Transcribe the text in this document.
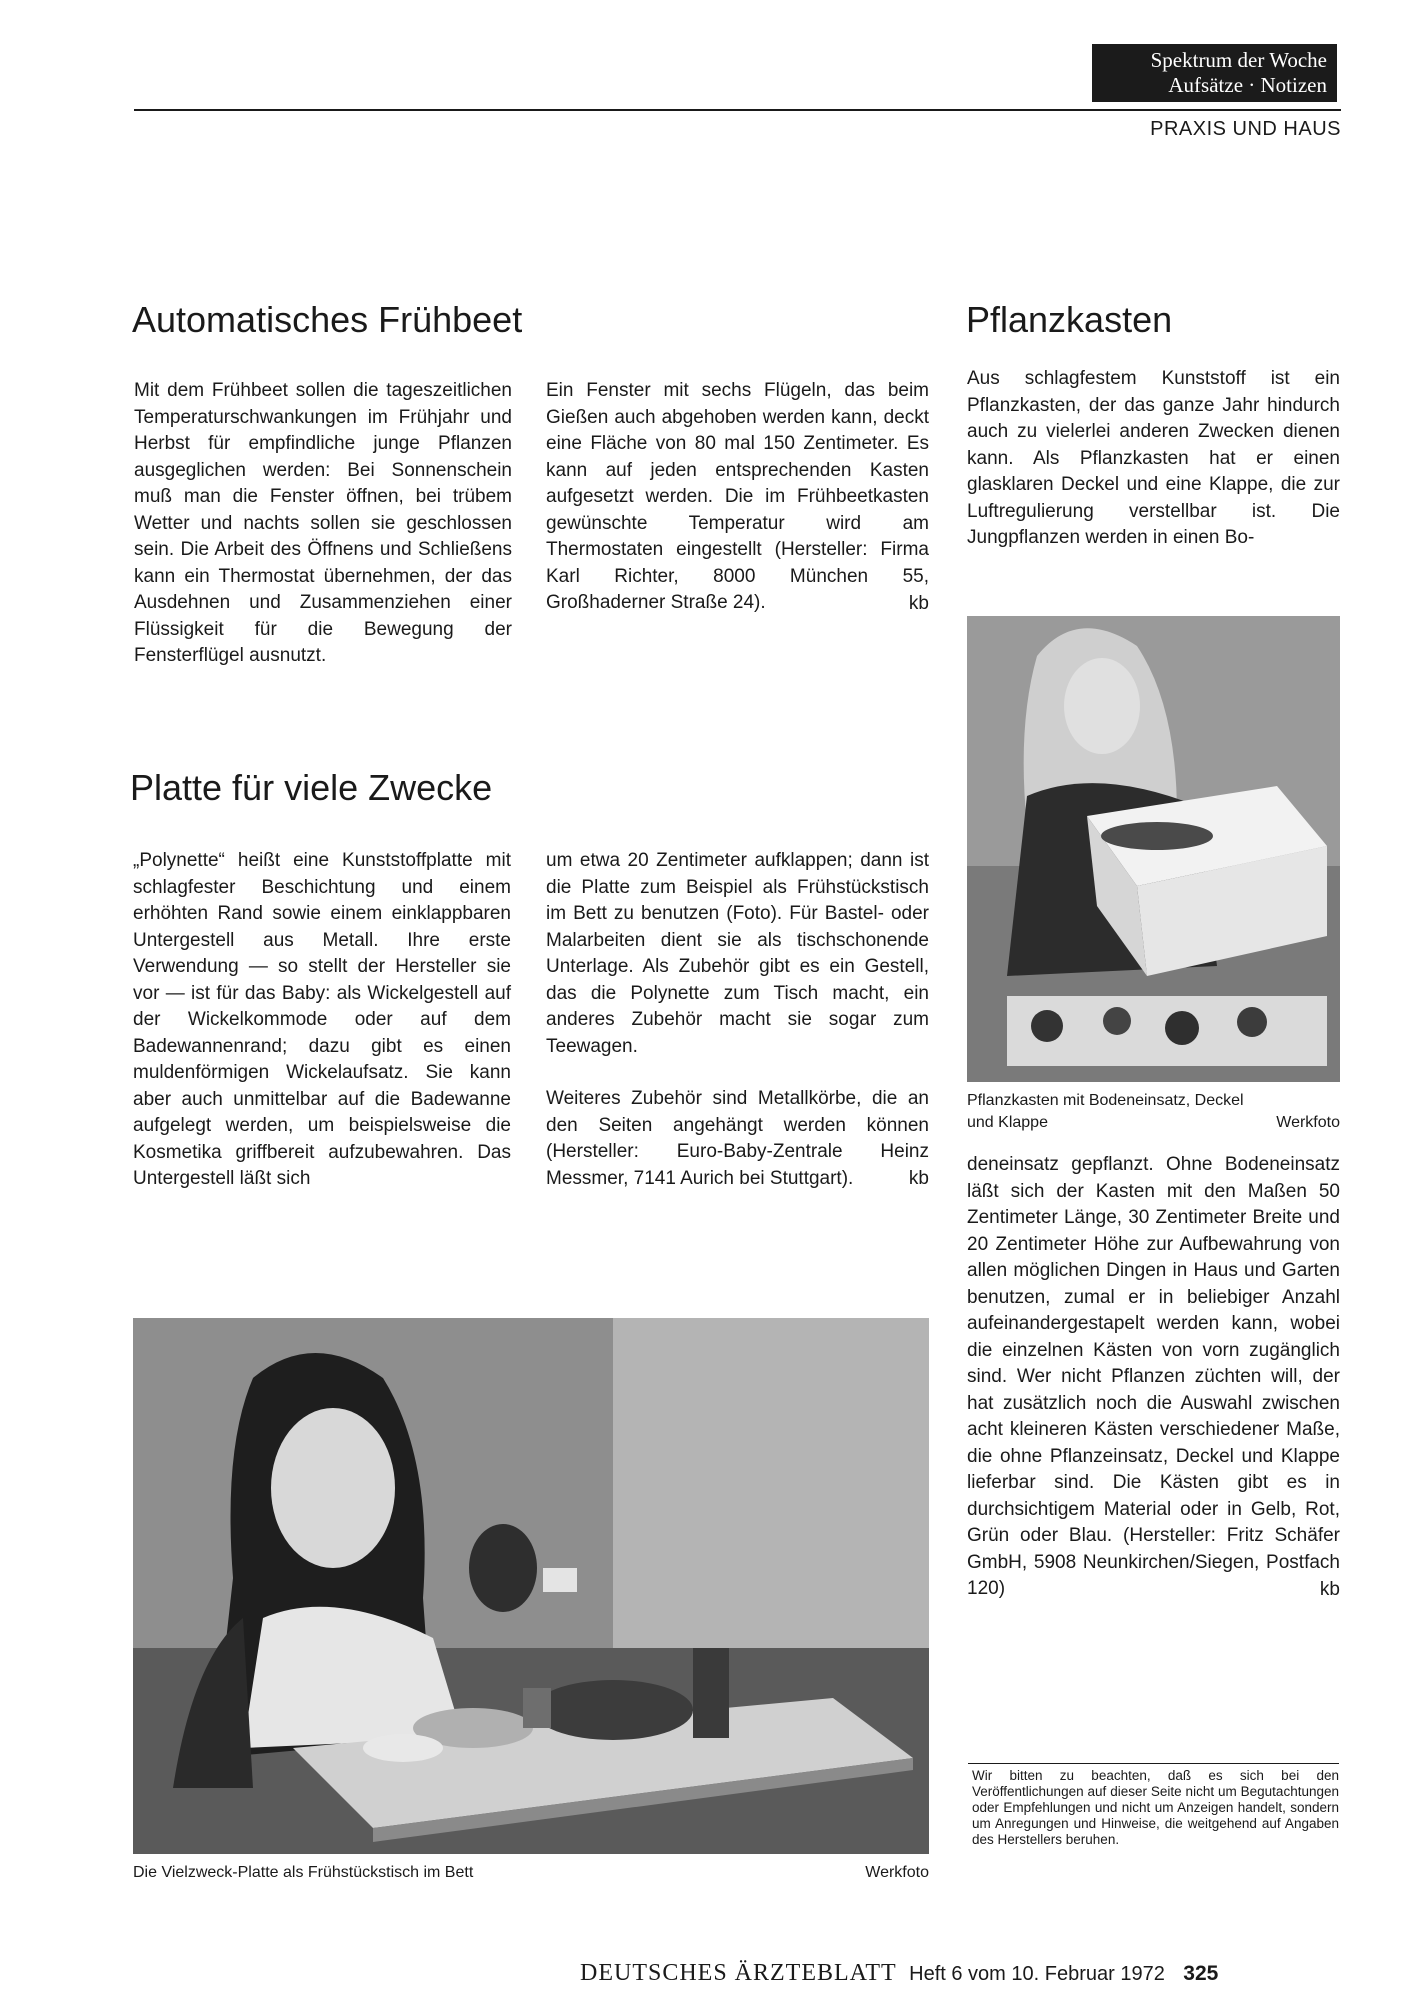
Spektrum der Woche
Aufsätze · Notizen
PRAXIS UND HAUS
Automatisches Frühbeet

Mit dem Frühbeet sollen die tageszeitlichen Temperaturschwankungen im Frühjahr und Herbst für empfindliche junge Pflanzen ausgeglichen werden: Bei Sonnenschein muß man die Fenster öffnen, bei trübem Wetter und nachts sollen sie geschlossen sein. Die Arbeit des Öffnens und Schließens kann ein Thermostat übernehmen, der das Ausdehnen und Zusammenziehen einer Flüssigkeit für die Bewegung der Fensterflügel ausnutzt.

Ein Fenster mit sechs Flügeln, das beim Gießen auch abgehoben werden kann, deckt eine Fläche von 80 mal 150 Zentimeter. Es kann auf jeden entsprechenden Kasten aufgesetzt werden. Die im Frühbeetkasten gewünschte Temperatur wird am Thermostaten eingestellt (Hersteller: Firma Karl Richter, 8000 München 55, Großhaderner Straße 24).	kb
Platte für viele Zwecke

„Polynette“ heißt eine Kunststoffplatte mit schlagfester Beschichtung und einem erhöhten Rand sowie einem einklappbaren Untergestell aus Metall. Ihre erste Verwendung — so stellt der Hersteller sie vor — ist für das Baby: als Wickelgestell auf der Wickelkommode oder auf dem Badewannenrand; dazu gibt es einen muldenförmigen Wickelaufsatz. Sie kann aber auch unmittelbar auf die Badewanne aufgelegt werden, um beispielsweise die Kosmetika griffbereit aufzubewahren. Das Untergestell läßt sich

um etwa 20 Zentimeter aufklappen; dann ist die Platte zum Beispiel als Frühstückstisch im Bett zu benutzen (Foto). Für Bastel- oder Malarbeiten dient sie als tischschonende Unterlage. Als Zubehör gibt es ein Gestell, das die Polynette zum Tisch macht, ein anderes Zubehör macht sie sogar zum Teewagen.

Weiteres Zubehör sind Metallkörbe, die an den Seiten angehängt werden können (Hersteller: Euro-Baby-Zentrale Heinz Messmer, 7141 Aurich bei Stuttgart).	kb
Die Vielzweck-Platte als Frühstückstisch im Bett	Werkfoto
Pflanzkasten

Aus schlagfestem Kunststoff ist ein Pflanzkasten, der das ganze Jahr hindurch auch zu vielerlei anderen Zwecken dienen kann. Als Pflanzkasten hat er einen glasklaren Deckel und eine Klappe, die zur Luftregulierung verstellbar ist. Die Jungpflanzen werden in einen Bo-

Pflanzkasten mit Bodeneinsatz, Deckel
und Klappe	Werkfoto

deneinsatz gepflanzt. Ohne Bodeneinsatz läßt sich der Kasten mit den Maßen 50 Zentimeter Länge, 30 Zentimeter Breite und 20 Zentimeter Höhe zur Aufbewahrung von allen möglichen Dingen in Haus und Garten benutzen, zumal er in beliebiger Anzahl aufeinandergestapelt werden kann, wobei die einzelnen Kästen von vorn zugänglich sind. Wer nicht Pflanzen züchten will, der hat zusätzlich noch die Auswahl zwischen acht kleineren Kästen verschiedener Maße, die ohne Pflanzeinsatz, Deckel und Klappe lieferbar sind. Die Kästen gibt es in durchsichtigem Material oder in Gelb, Rot, Grün oder Blau. (Hersteller: Fritz Schäfer GmbH, 5908 Neunkirchen/Siegen, Postfach 120)	kb
Wir bitten zu beachten, daß es sich bei den Veröffentlichungen auf dieser Seite nicht um Begutachtungen oder Empfehlungen und nicht um Anzeigen handelt, sondern um Anregungen und Hinweise, die weitgehend auf Angaben des Herstellers beruhen.
DEUTSCHES ÄRZTEBLATT Heft 6 vom 10. Februar 1972 325
